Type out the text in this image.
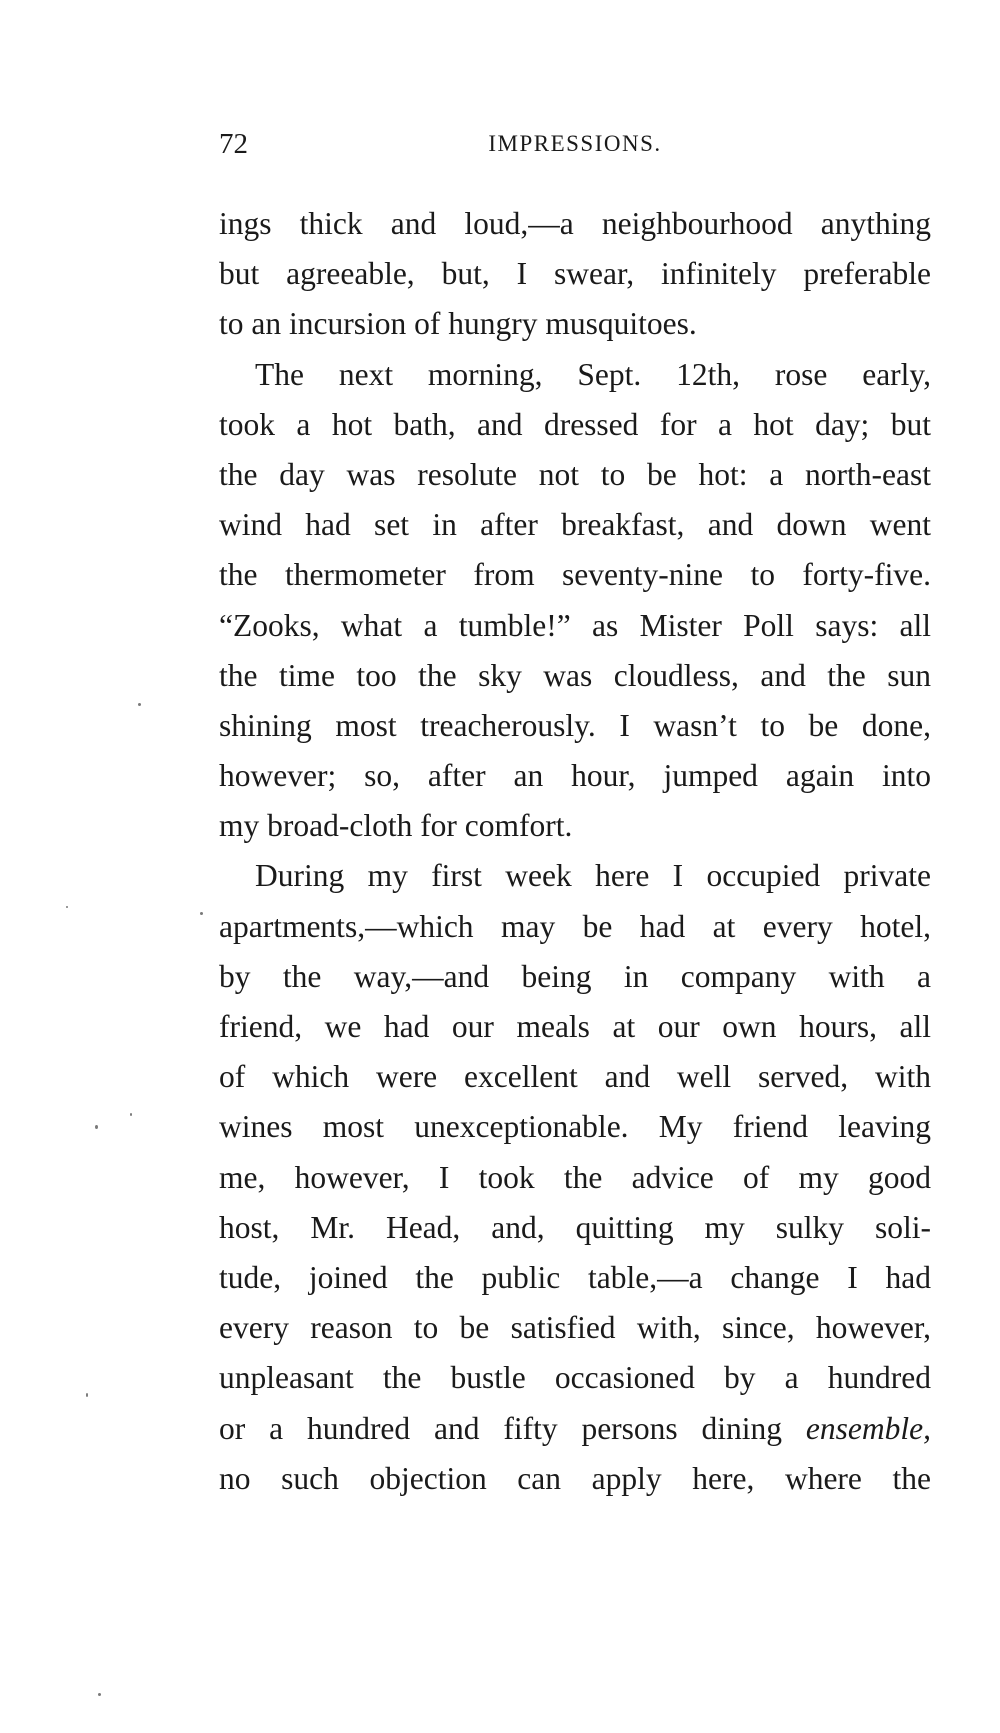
72	IMPRESSIONS.
ings thick and loud,—a neighbourhood anything
but agreeable, but, I swear, infinitely preferable
to an incursion of hungry musquitoes.
The next morning, Sept. 12th, rose early,
took a hot bath, and dressed for a hot day; but
the day was resolute not to be hot: a north-east
wind had set in after breakfast, and down went
the thermometer from seventy-nine to forty-five.
“Zooks, what a tumble!” as Mister Poll says: all
the time too the sky was cloudless, and the sun
shining most treacherously. I wasn’t to be done,
however; so, after an hour, jumped again into
my broad-cloth for comfort.
During my first week here I occupied private
apartments,—which may be had at every hotel,
by the way,—and being in company with a
friend, we had our meals at our own hours, all
of which were excellent and well served, with
wines most unexceptionable. My friend leaving
me, however, I took the advice of my good
host, Mr. Head, and, quitting my sulky soli-
tude, joined the public table,—a change I had
every reason to be satisfied with, since, however,
unpleasant the bustle occasioned by a hundred
or a hundred and fifty persons dining ensemble,
no such objection can apply here, where the
